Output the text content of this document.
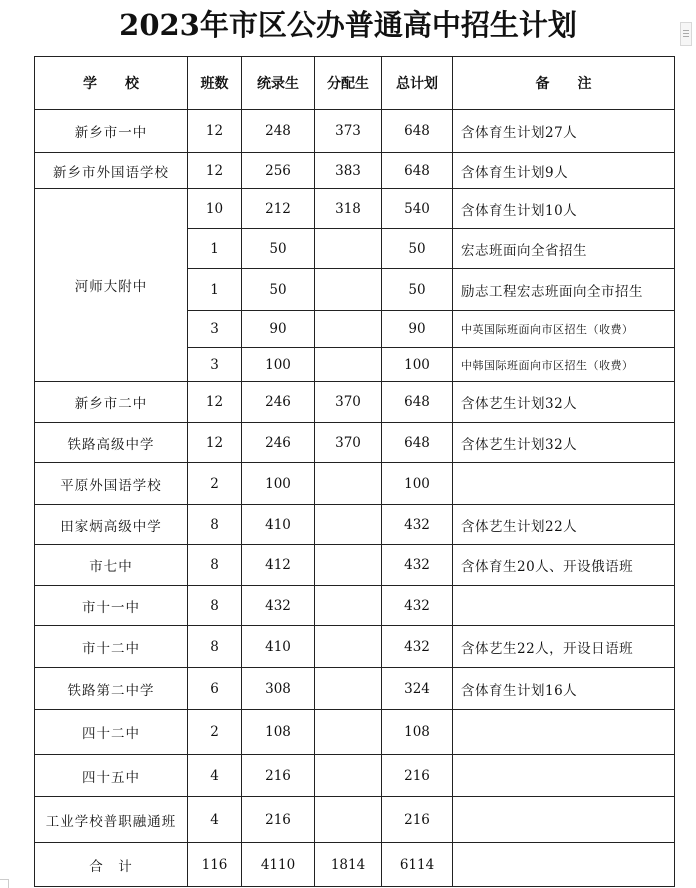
2023年市区公办普通高中招生计划
学　　校	班数	统录生	分配生	总计划	备　　注
新乡市一中	12	248	373	648	含体育生计划27人
新乡市外国语学校	12	256	383	648	含体育生计划9人
河师大附中	10	212	318	540	含体育生计划10人
	1	50		50	宏志班面向全省招生
	1	50		50	励志工程宏志班面向全市招生
	3	90		90	中英国际班面向市区招生（收费）
	3	100		100	中韩国际班面向市区招生（收费）
新乡市二中	12	246	370	648	含体艺生计划32人
铁路高级中学	12	246	370	648	含体艺生计划32人
平原外国语学校	2	100		100	
田家炳高级中学	8	410		432	含体艺生计划22人
市七中	8	412		432	含体育生20人、开设俄语班
市十一中	8	432		432	
市十二中	8	410		432	含体艺生22人，开设日语班
铁路第二中学	6	308		324	含体育生计划16人
四十二中	2	108		108	
四十五中	4	216		216	
工业学校普职融通班	4	216		216	
合　计	116	4110	1814	6114	
